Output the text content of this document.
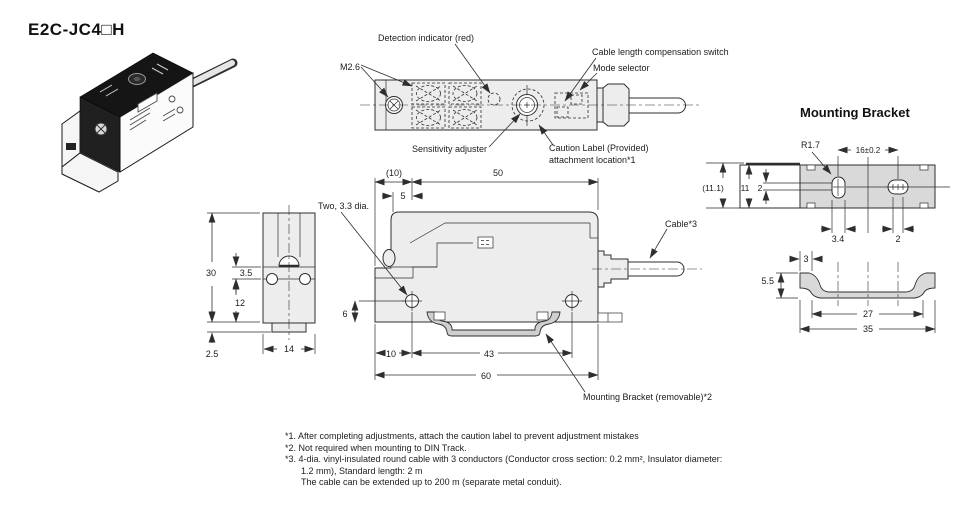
Detection indicator (red)
M2.6
Cable length compensation switch
Mode selector
Sensitivity adjuster	Caution Label (Provided)
attachment location*1
30	3.5
12
2.5	14
(10)	50
5
6
10	43
60
Two, 3.3 dia.
Cable*3
Mounting Bracket (removable)*2
R1.7
16±0.2
(11.1) 11 2
3.4	2
3
5.5
27
35
E2C-JC4□H
Mounting Bracket
*1. After completing adjustments, attach the caution label to prevent adjustment mistakes
*2. Not required when mounting to DIN Track.
*3. 4-dia. vinyl-insulated round cable with 3 conductors (Conductor cross section: 0.2 mm², Insulator diameter:
1.2 mm), Standard length: 2 m
The cable can be extended up to 200 m (separate metal conduit).
